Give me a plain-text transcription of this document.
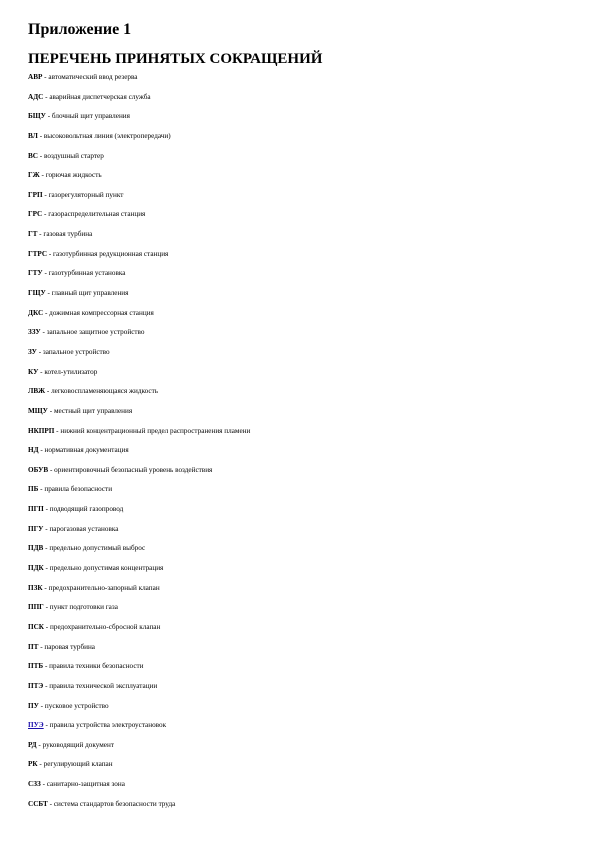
Приложение 1
ПЕРЕЧЕНЬ ПРИНЯТЫХ СОКРАЩЕНИЙ
АВР - автоматический ввод резерва
АДС - аварийная диспетчерская служба
БЩУ - блочный щит управления
ВЛ - высоковольтная линия (электропередачи)
ВС - воздушный стартер
ГЖ - горючая жидкость
ГРП - газорегуляторный пункт
ГРС - газораспределительная станция
ГТ - газовая турбина
ГТРС - газотурбинная редукционная станция
ГТУ - газотурбинная установка
ГЩУ - главный щит управления
ДКС - дожимная компрессорная станция
ЗЗУ - запальное защитное устройство
ЗУ - запальное устройство
КУ - котел-утилизатор
ЛВЖ - легковоспламеняющаяся жидкость
МЩУ - местный щит управления
НКПРП - нижний концентрационный предел распространения пламени
НД - нормативная документация
ОБУВ - ориентировочный безопасный уровень воздействия
ПБ - правила безопасности
ПГП - подводящий газопровод
ПГУ - парогазовая установка
ПДВ - предельно допустимый выброс
ПДК - предельно допустимая концентрация
ПЗК - предохранительно-запорный клапан
ППГ - пункт подготовки газа
ПСК - предохранительно-сбросной клапан
ПТ - паровая турбина
ПТБ - правила техники безопасности
ПТЭ - правила технической эксплуатации
ПУ - пусковое устройство
ПУЭ - правила устройства электроустановок
РД - руководящий документ
РК - регулирующий клапан
СЗЗ - санитарно-защитная зона
ССБТ - система стандартов безопасности труда
